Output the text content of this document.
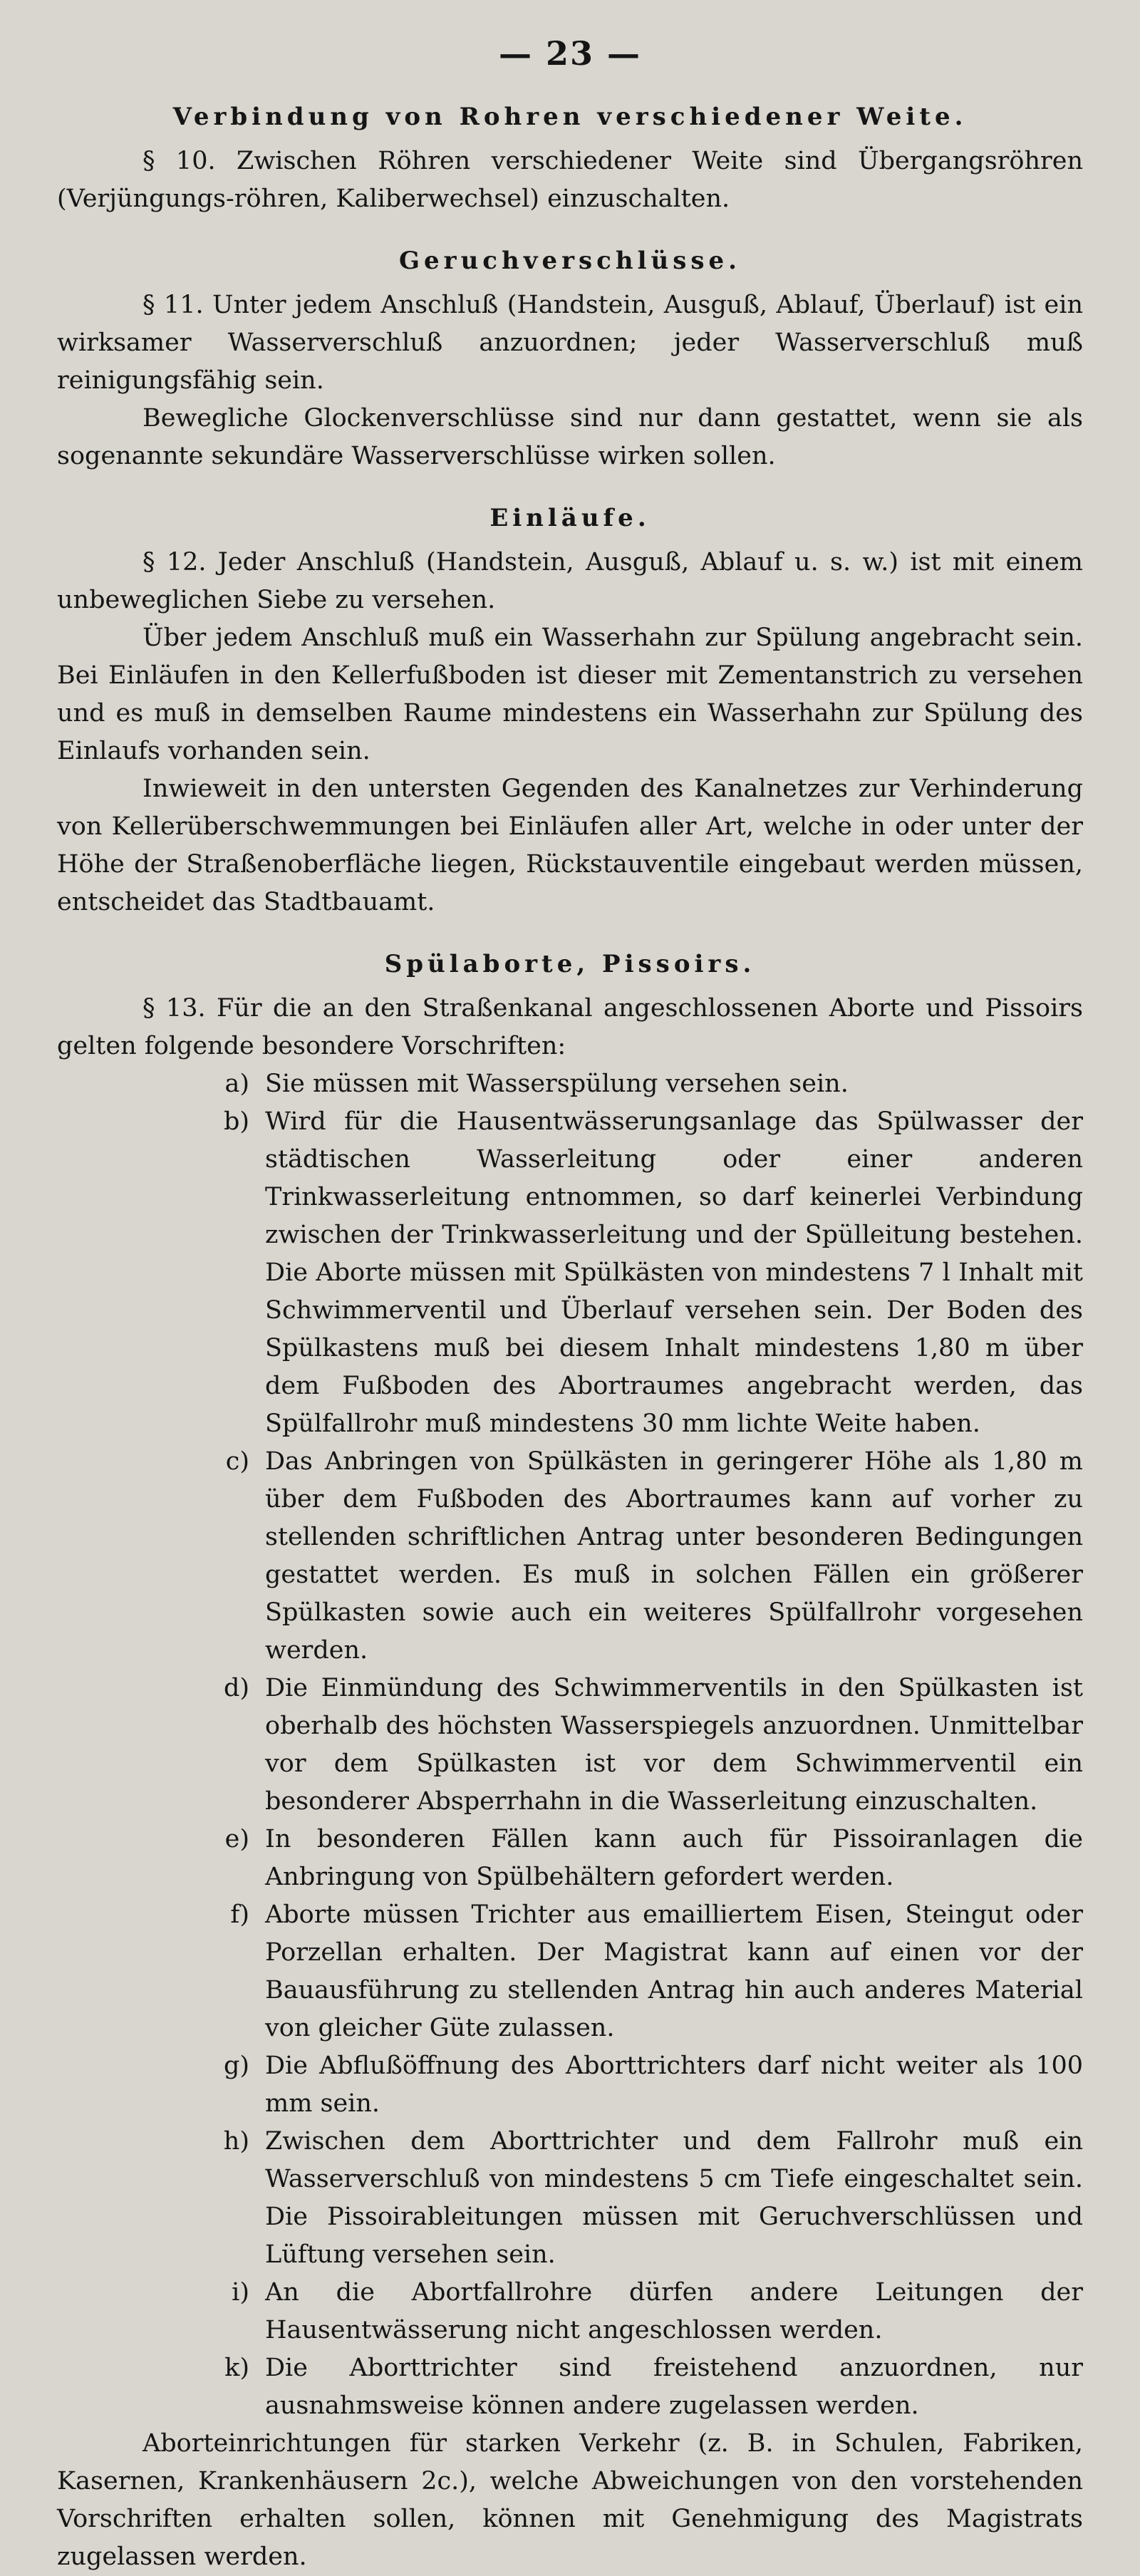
— 23 —
Verbindung von Rohren verschiedener Weite.

§ 10. Zwischen Röhren verschiedener Weite sind Übergangsröhren (Verjüngungs-röhren, Kaliberwechsel) einzuschalten.

Geruchverschlüsse.

§ 11. Unter jedem Anschluß (Handstein, Ausguß, Ablauf, Überlauf) ist ein wirksamer Wasserverschluß anzuordnen; jeder Wasserverschluß muß reinigungsfähig sein.

Bewegliche Glockenverschlüsse sind nur dann gestattet, wenn sie als sogenannte sekundäre Wasserverschlüsse wirken sollen.

Einläufe.

§ 12. Jeder Anschluß (Handstein, Ausguß, Ablauf u. s. w.) ist mit einem unbeweglichen Siebe zu versehen.

Über jedem Anschluß muß ein Wasserhahn zur Spülung angebracht sein. Bei Einläufen in den Kellerfußboden ist dieser mit Zementanstrich zu versehen und es muß in demselben Raume mindestens ein Wasserhahn zur Spülung des Einlaufs vorhanden sein.

Inwieweit in den untersten Gegenden des Kanalnetzes zur Verhinderung von Kellerüberschwemmungen bei Einläufen aller Art, welche in oder unter der Höhe der Straßenoberfläche liegen, Rückstauventile eingebaut werden müssen, entscheidet das Stadtbauamt.

Spülaborte, Pissoirs.

§ 13. Für die an den Straßenkanal angeschlossenen Aborte und Pissoirs gelten folgende besondere Vorschriften:

a) Sie müssen mit Wasserspülung versehen sein.
b) Wird für die Hausentwässerungsanlage das Spülwasser der städtischen Wasserleitung oder einer anderen Trinkwasserleitung entnommen, so darf keinerlei Verbindung zwischen der Trinkwasserleitung und der Spülleitung bestehen. Die Aborte müssen mit Spülkästen von mindestens 7 l Inhalt mit Schwimmerventil und Überlauf versehen sein. Der Boden des Spülkastens muß bei diesem Inhalt mindestens 1,80 m über dem Fußboden des Abortraumes angebracht werden, das Spülfallrohr muß mindestens 30 mm lichte Weite haben.
c) Das Anbringen von Spülkästen in geringerer Höhe als 1,80 m über dem Fußboden des Abortraumes kann auf vorher zu stellenden schriftlichen Antrag unter besonderen Bedingungen gestattet werden. Es muß in solchen Fällen ein größerer Spülkasten sowie auch ein weiteres Spülfallrohr vorgesehen werden.
d) Die Einmündung des Schwimmerventils in den Spülkasten ist oberhalb des höchsten Wasserspiegels anzuordnen. Unmittelbar vor dem Spülkasten ist vor dem Schwimmerventil ein besonderer Absperrhahn in die Wasserleitung einzuschalten.
e) In besonderen Fällen kann auch für Pissoiranlagen die Anbringung von Spülbehältern gefordert werden.
f) Aborte müssen Trichter aus emailliertem Eisen, Steingut oder Porzellan erhalten. Der Magistrat kann auf einen vor der Bauausführung zu stellenden Antrag hin auch anderes Material von gleicher Güte zulassen.
g) Die Abflußöffnung des Aborttrichters darf nicht weiter als 100 mm sein.
h) Zwischen dem Aborttrichter und dem Fallrohr muß ein Wasserverschluß von mindestens 5 cm Tiefe eingeschaltet sein. Die Pissoirableitungen müssen mit Geruchverschlüssen und Lüftung versehen sein.
i) An die Abortfallrohre dürfen andere Leitungen der Hausentwässerung nicht angeschlossen werden.
k) Die Aborttrichter sind freistehend anzuordnen, nur ausnahmsweise können andere zugelassen werden.

Aborteinrichtungen für starken Verkehr (z. B. in Schulen, Fabriken, Kasernen, Krankenhäusern 2c.), welche Abweichungen von den vorstehenden Vorschriften erhalten sollen, können mit Genehmigung des Magistrats zugelassen werden.
